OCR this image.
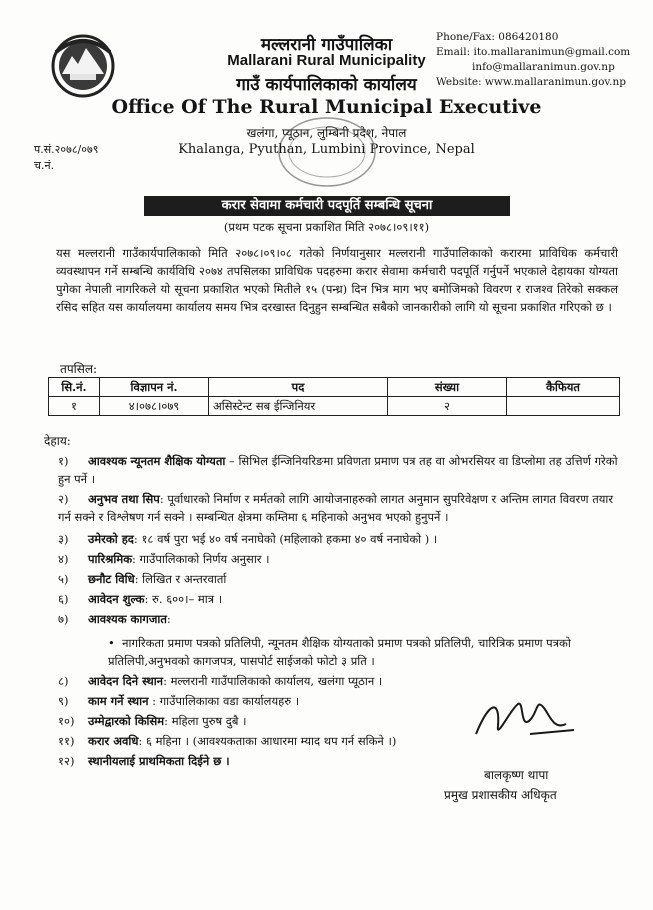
मल्लरानी गाउँपालिका
Mallarani Rural Municipality
गाउँ कार्यपालिकाको कार्यालय
Office Of The Rural Municipal Executive
खलंगा, प्यूठान, लुम्बिनी प्रदेश, नेपाल
Khalanga, Pyuthan, Lumbini Province, Nepal
Phone/Fax: 086420180
Email: ito.mallaranimun@gmail.com
info@mallaranimun.gov.np
Website: www.mallaranimun.gov.np
प.सं.२०७८/०७९
च.नं.
करार सेवामा कर्मचारी पदपूर्ति सम्बन्धि सूचना
(प्रथम पटक सूचना प्रकाशित मिति २०७८।०९।११)
यस मल्लरानी गाउँकार्यपालिकाको मिति २०७८।०९।०८ गतेको निर्णयानुसार मल्लरानी गाउँपालिकाको करारमा प्राविधिक कर्मचारी व्यवस्थापन गर्ने सम्बन्धि कार्यविधि २०७४ तपसिलका प्राविधिक पदहरुमा करार सेवामा कर्मचारी पदपूर्ति गर्नुपर्ने भएकाले देहायका योग्यता पुगेका नेपाली नागरिकले यो सूचना प्रकाशित भएको मितीले १५ (पन्ध्र) दिन भित्र माग भए बमोजिमको विवरण र राजश्व तिरेको सक्कल रसिद सहित यस कार्यालयमा कार्यालय समय भित्र दरखास्त दिनुहुन सम्बन्धित सबैको जानकारीको लागि यो सूचना प्रकाशित गरिएको छ ।
तपसिल:
सि.नं.	विज्ञापन नं.	पद	संख्या	कैफियत
१	४।०७८।०७९	असिस्टेन्ट सब ईन्जिनियर	२	
देहाय:
१) आवश्यक न्यूनतम शैक्षिक योग्यता – सिभिल ईन्जिनियरिङमा प्रविणता प्रमाण पत्र तह वा ओभरसियर वा डिप्लोमा तह उत्तिर्ण गरेको हुन पर्ने ।
२) अनुभव तथा सिप: पूर्वाधारको निर्माण र मर्मतको लागि आयोजनाहरुको लागत अनुमान सुपरिवेक्षण र अन्तिम लागत विवरण तयार गर्न सक्ने र विश्लेषण गर्न सक्ने । सम्बन्धित क्षेत्रमा कम्तिमा ६ महिनाको अनुभव भएको हुनुपर्ने ।
३) उमेरको हद: १८ वर्ष पुरा भई ४० वर्ष ननाघेको (महिलाको हकमा ४० वर्ष ननाघेको ) ।
४) पारिश्रमिक: गाउँपालिकाको निर्णय अनुसार ।
५) छनौट विधि: लिखित र अन्तरवार्ता
६) आवेदन शुल्क: रु. ६००।– मात्र ।
७) आवश्यक कागजात:
•  नागरिकता प्रमाण पत्रको प्रतिलिपी, न्यूनतम शैक्षिक योग्यताको प्रमाण पत्रको प्रतिलिपी, चारित्रिक प्रमाण पत्रको प्रतिलिपी,अनुभवको कागजपत्र, पासपोर्ट साईजको फोटो ३ प्रति ।
८) आवेदन दिने स्थान: मल्लरानी गाउँपालिकाको कार्यालय, खलंगा प्यूठान ।
९) काम गर्ने स्थान : गाउँपालिकाका वडा कार्यालयहरु ।
१०) उम्मेद्वारको किसिम: महिला पुरुष दुबै ।
११) करार अवधि: ६ महिना । (आवश्यकताका आधारमा म्याद थप गर्न सकिने ।)
१२) स्थानीयलाई प्राथमिकता दिईने छ ।
बालकृष्ण थापा
प्रमुख प्रशासकीय अधिकृत
